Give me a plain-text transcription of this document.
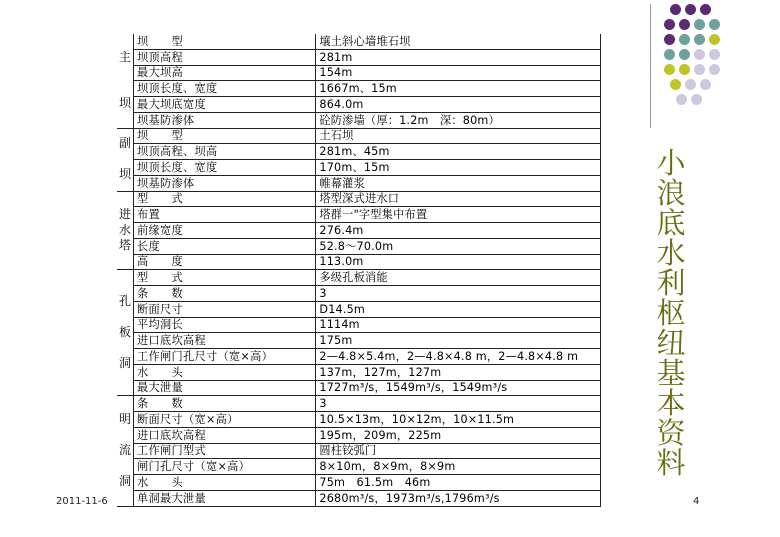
小
浪
底
水
利
枢
纽
基
本
资
料
主

坝	坝　　型	壤土斜心墙堆石坝
	坝顶高程	281m
	最大坝高	154m
	坝顶长度、宽度	1667m、15m
	最大坝底宽度	864.0m
	坝基防渗体	砼防渗墙（厚：1.2m　深：80m）

副

坝	坝　　型	土石坝
	坝顶高程、坝高	281m、45m
	坝顶长度、宽度	170m、15m
	坝基防渗体	帷幕灌浆

进
水
塔	型　　式	塔型深式进水口
	布置	塔群一"字型集中布置
	前缘宽度	276.4m
	长度	52.8～70.0m
	高　　度	113.0m

孔

板

洞	型　　式	多级孔板消能
	条　　数	3
	断面尺寸	D14.5m
	平均洞长	1114m
	进口底坎高程	175m
	工作闸门孔尺寸（宽×高）	2—4.8×5.4m，2—4.8×4.8 m，2—4.8×4.8 m
	水　　头	137m，127m，127m
	最大泄量	1727m³/s，1549m³/s，1549m³/s

明

流

洞	条　　数	3
	断面尺寸（宽×高）	10.5×13m，10×12m，10×11.5m
	进口底坎高程	195m，209m，225m
	工作闸门型式	圆柱铰弧门
	闸门孔尺寸（宽×高）	8×10m，8×9m，8×9m
	水　　头	75m　61.5m　46m
	单洞最大泄量	2680m³/s，1973m³/s,1796m³/s
2011-11-6	4
